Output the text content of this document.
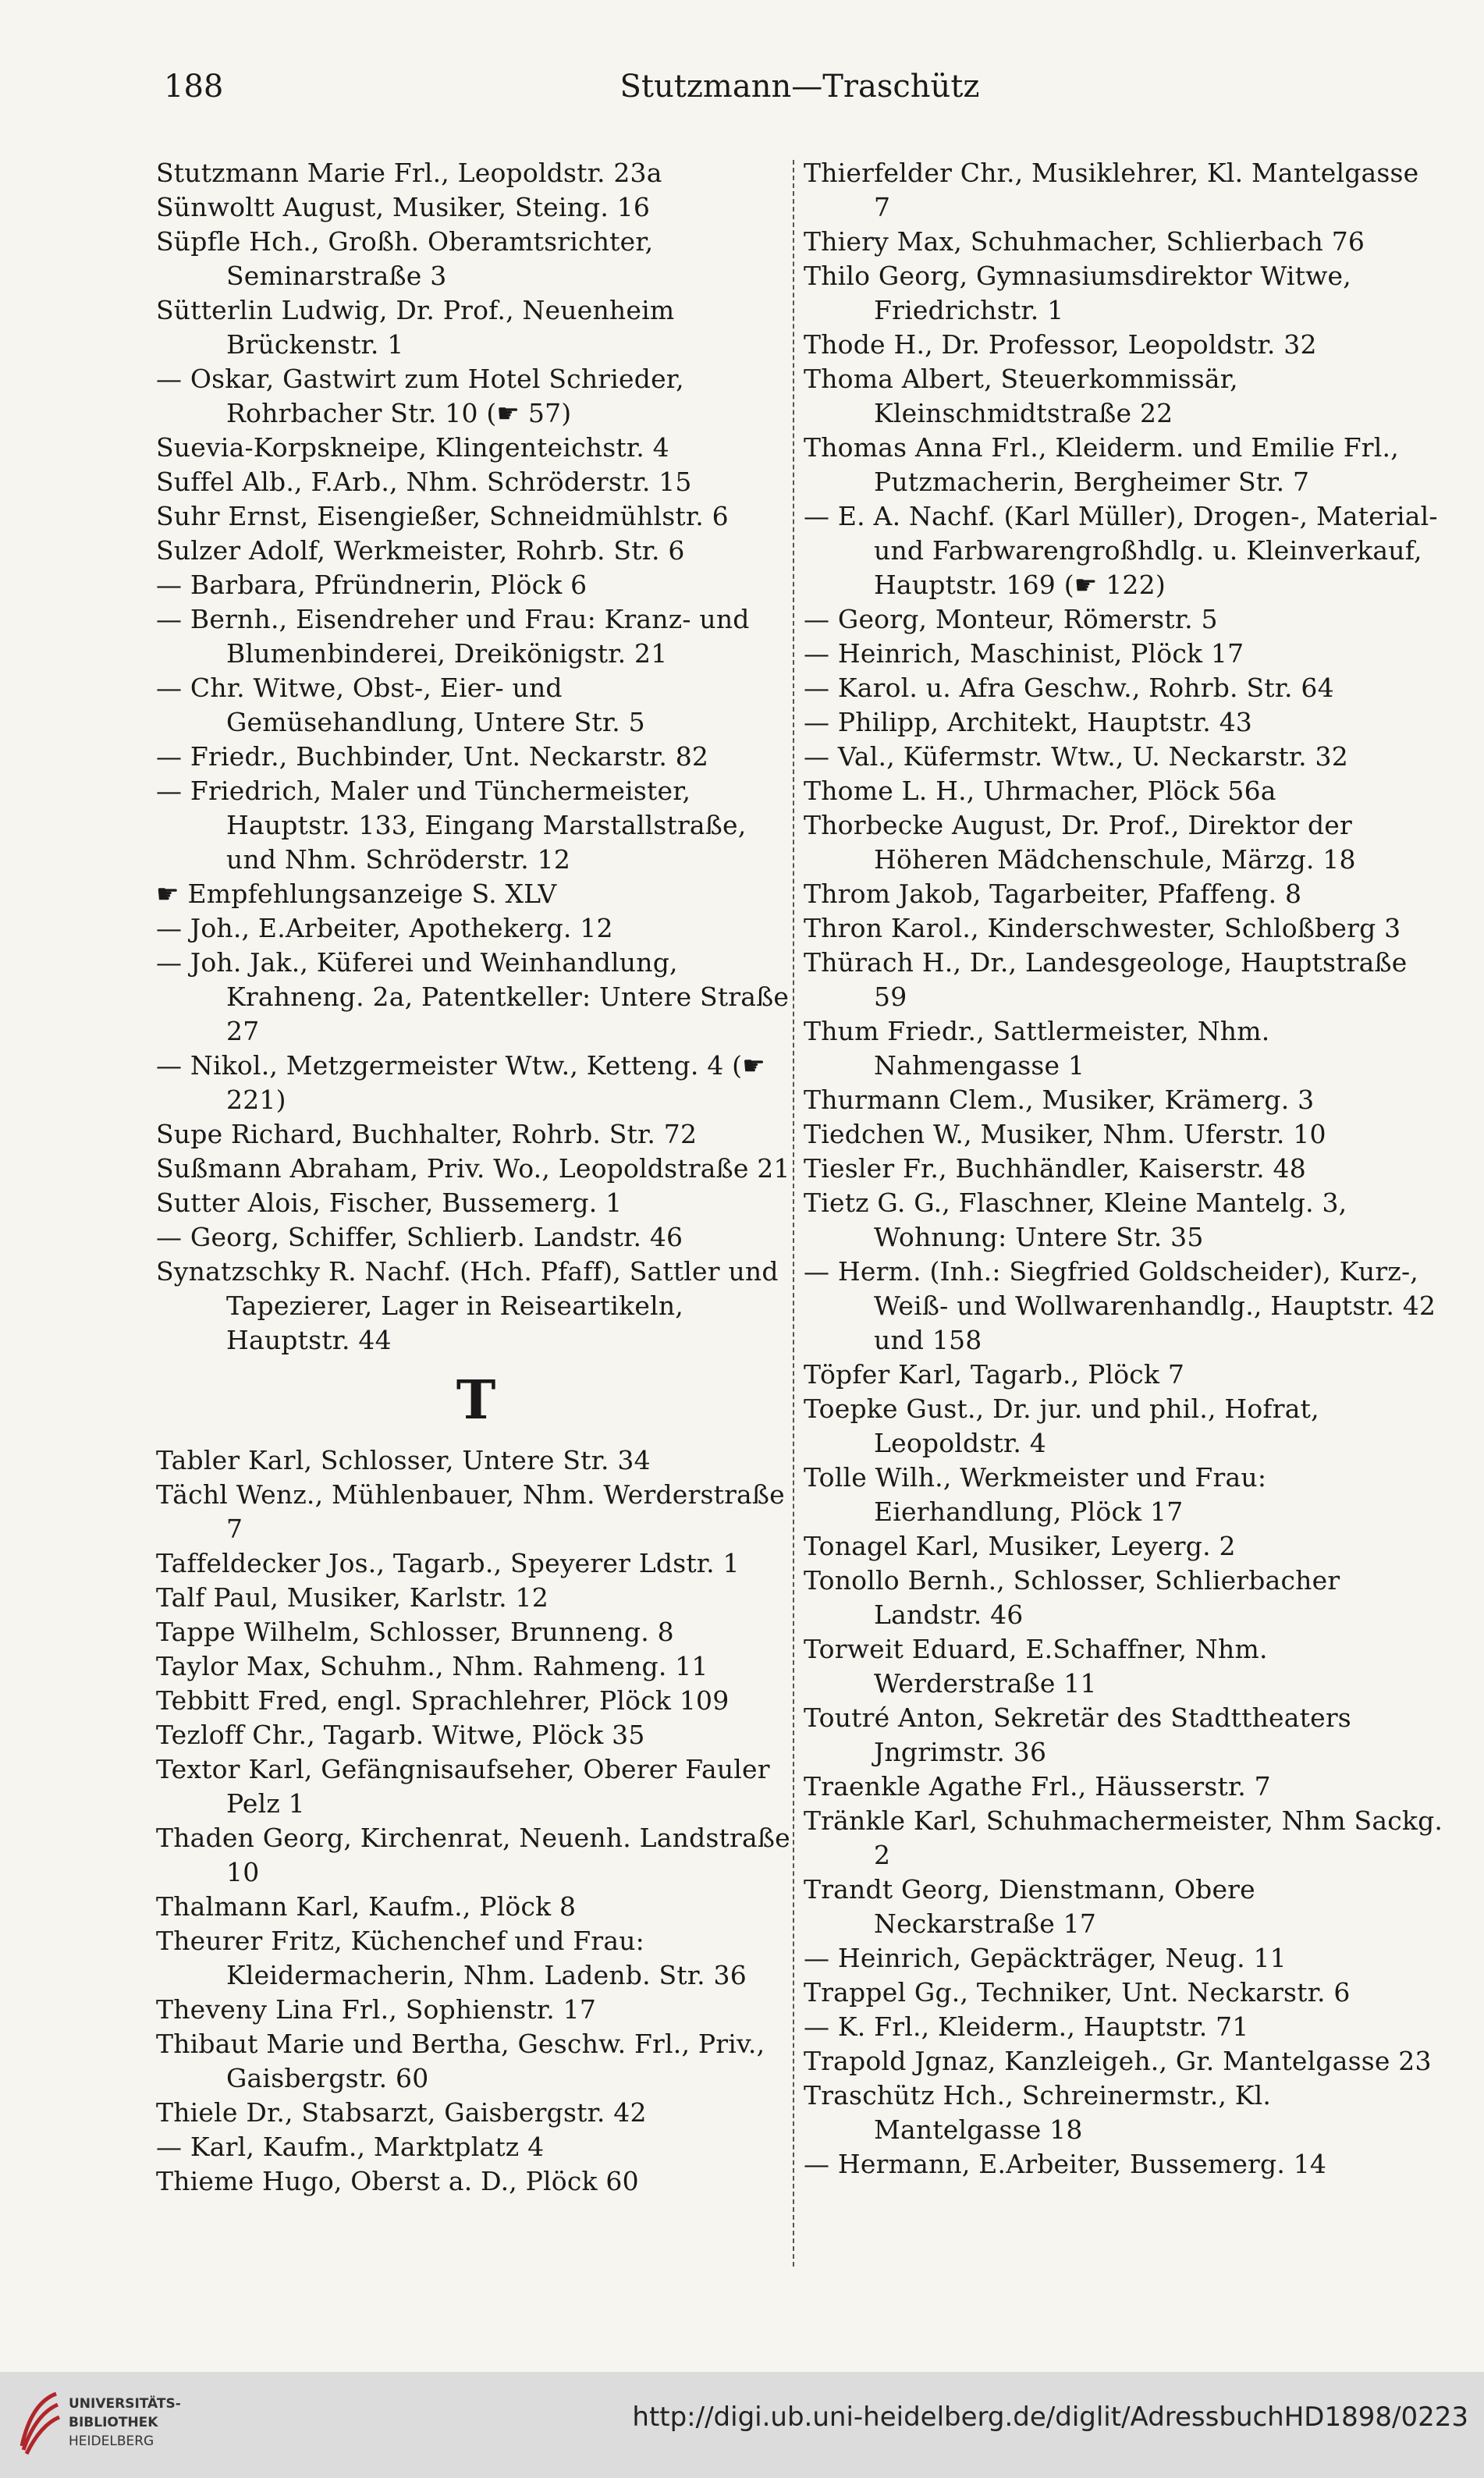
188	Stutzmann—Traschütz
Stutzmann Marie Frl., Leopoldstr. 23a
Sünwoltt August, Musiker, Steing. 16
Süpfle Hch., Großh. Oberamtsrichter, Seminarstraße 3
Sütterlin Ludwig, Dr. Prof., Neuenheim Brückenstr. 1
— Oskar, Gastwirt zum Hotel Schrieder, Rohrbacher Str. 10 (☛ 57)
Suevia-Korpskneipe, Klingenteichstr. 4
Suffel Alb., F.Arb., Nhm. Schröderstr. 15
Suhr Ernst, Eisengießer, Schneidmühlstr. 6
Sulzer Adolf, Werkmeister, Rohrb. Str. 6
— Barbara, Pfründnerin, Plöck 6
— Bernh., Eisendreher und Frau: Kranz- und Blumenbinderei, Dreikönigstr. 21
— Chr. Witwe, Obst-, Eier- und Gemüsehandlung, Untere Str. 5
— Friedr., Buchbinder, Unt. Neckarstr. 82
— Friedrich, Maler und Tünchermeister, Hauptstr. 133, Eingang Marstallstraße, und Nhm. Schröderstr. 12
☛ Empfehlungsanzeige S. XLV
— Joh., E.Arbeiter, Apothekerg. 12
— Joh. Jak., Küferei und Weinhandlung, Krahneng. 2a, Patentkeller: Untere Straße 27
— Nikol., Metzgermeister Wtw., Ketteng. 4 (☛ 221)
Supe Richard, Buchhalter, Rohrb. Str. 72
Sußmann Abraham, Priv. Wo., Leopoldstraße 21
Sutter Alois, Fischer, Bussemerg. 1
— Georg, Schiffer, Schlierb. Landstr. 46
Synatzschky R. Nachf. (Hch. Pfaff), Sattler und Tapezierer, Lager in Reiseartikeln, Hauptstr. 44
T
Tabler Karl, Schlosser, Untere Str. 34
Tächl Wenz., Mühlenbauer, Nhm. Werderstraße 7
Taffeldecker Jos., Tagarb., Speyerer Ldstr. 1
Talf Paul, Musiker, Karlstr. 12
Tappe Wilhelm, Schlosser, Brunneng. 8
Taylor Max, Schuhm., Nhm. Rahmeng. 11
Tebbitt Fred, engl. Sprachlehrer, Plöck 109
Tezloff Chr., Tagarb. Witwe, Plöck 35
Textor Karl, Gefängnisaufseher, Oberer Fauler Pelz 1
Thaden Georg, Kirchenrat, Neuenh. Landstraße 10
Thalmann Karl, Kaufm., Plöck 8
Theurer Fritz, Küchenchef und Frau: Kleidermacherin, Nhm. Ladenb. Str. 36
Theveny Lina Frl., Sophienstr. 17
Thibaut Marie und Bertha, Geschw. Frl., Priv., Gaisbergstr. 60
Thiele Dr., Stabsarzt, Gaisbergstr. 42
— Karl, Kaufm., Marktplatz 4
Thieme Hugo, Oberst a. D., Plöck 60
Thierfelder Chr., Musiklehrer, Kl. Mantelgasse 7
Thiery Max, Schuhmacher, Schlierbach 76
Thilo Georg, Gymnasiumsdirektor Witwe, Friedrichstr. 1
Thode H., Dr. Professor, Leopoldstr. 32
Thoma Albert, Steuerkommissär, Kleinschmidtstraße 22
Thomas Anna Frl., Kleiderm. und Emilie Frl., Putzmacherin, Bergheimer Str. 7
— E. A. Nachf. (Karl Müller), Drogen-, Material- und Farbwarengroßhdlg. u. Kleinverkauf, Hauptstr. 169 (☛ 122)
— Georg, Monteur, Römerstr. 5
— Heinrich, Maschinist, Plöck 17
— Karol. u. Afra Geschw., Rohrb. Str. 64
— Philipp, Architekt, Hauptstr. 43
— Val., Küfermstr. Wtw., U. Neckarstr. 32
Thome L. H., Uhrmacher, Plöck 56a
Thorbecke August, Dr. Prof., Direktor der Höheren Mädchenschule, Märzg. 18
Throm Jakob, Tagarbeiter, Pfaffeng. 8
Thron Karol., Kinderschwester, Schloßberg 3
Thürach H., Dr., Landesgeologe, Hauptstraße 59
Thum Friedr., Sattlermeister, Nhm. Nahmengasse 1
Thurmann Clem., Musiker, Krämerg. 3
Tiedchen W., Musiker, Nhm. Uferstr. 10
Tiesler Fr., Buchhändler, Kaiserstr. 48
Tietz G. G., Flaschner, Kleine Mantelg. 3, Wohnung: Untere Str. 35
— Herm. (Inh.: Siegfried Goldscheider), Kurz-, Weiß- und Wollwarenhandlg., Hauptstr. 42 und 158
Töpfer Karl, Tagarb., Plöck 7
Toepke Gust., Dr. jur. und phil., Hofrat, Leopoldstr. 4
Tolle Wilh., Werkmeister und Frau: Eierhandlung, Plöck 17
Tonagel Karl, Musiker, Leyerg. 2
Tonollo Bernh., Schlosser, Schlierbacher Landstr. 46
Torweit Eduard, E.Schaffner, Nhm. Werderstraße 11
Toutré Anton, Sekretär des Stadttheaters Jngrimstr. 36
Traenkle Agathe Frl., Häusserstr. 7
Tränkle Karl, Schuhmachermeister, Nhm Sackg. 2
Trandt Georg, Dienstmann, Obere Neckarstraße 17
— Heinrich, Gepäckträger, Neug. 11
Trappel Gg., Techniker, Unt. Neckarstr. 6
— K. Frl., Kleiderm., Hauptstr. 71
Trapold Jgnaz, Kanzleigeh., Gr. Mantelgasse 23
Traschütz Hch., Schreinermstr., Kl. Mantelgasse 18
— Hermann, E.Arbeiter, Bussemerg. 14
UNIVERSITÄTS-
BIBLIOTHEK
HEIDELBERG
http://digi.ub.uni-heidelberg.de/diglit/AdressbuchHD1898/0223
